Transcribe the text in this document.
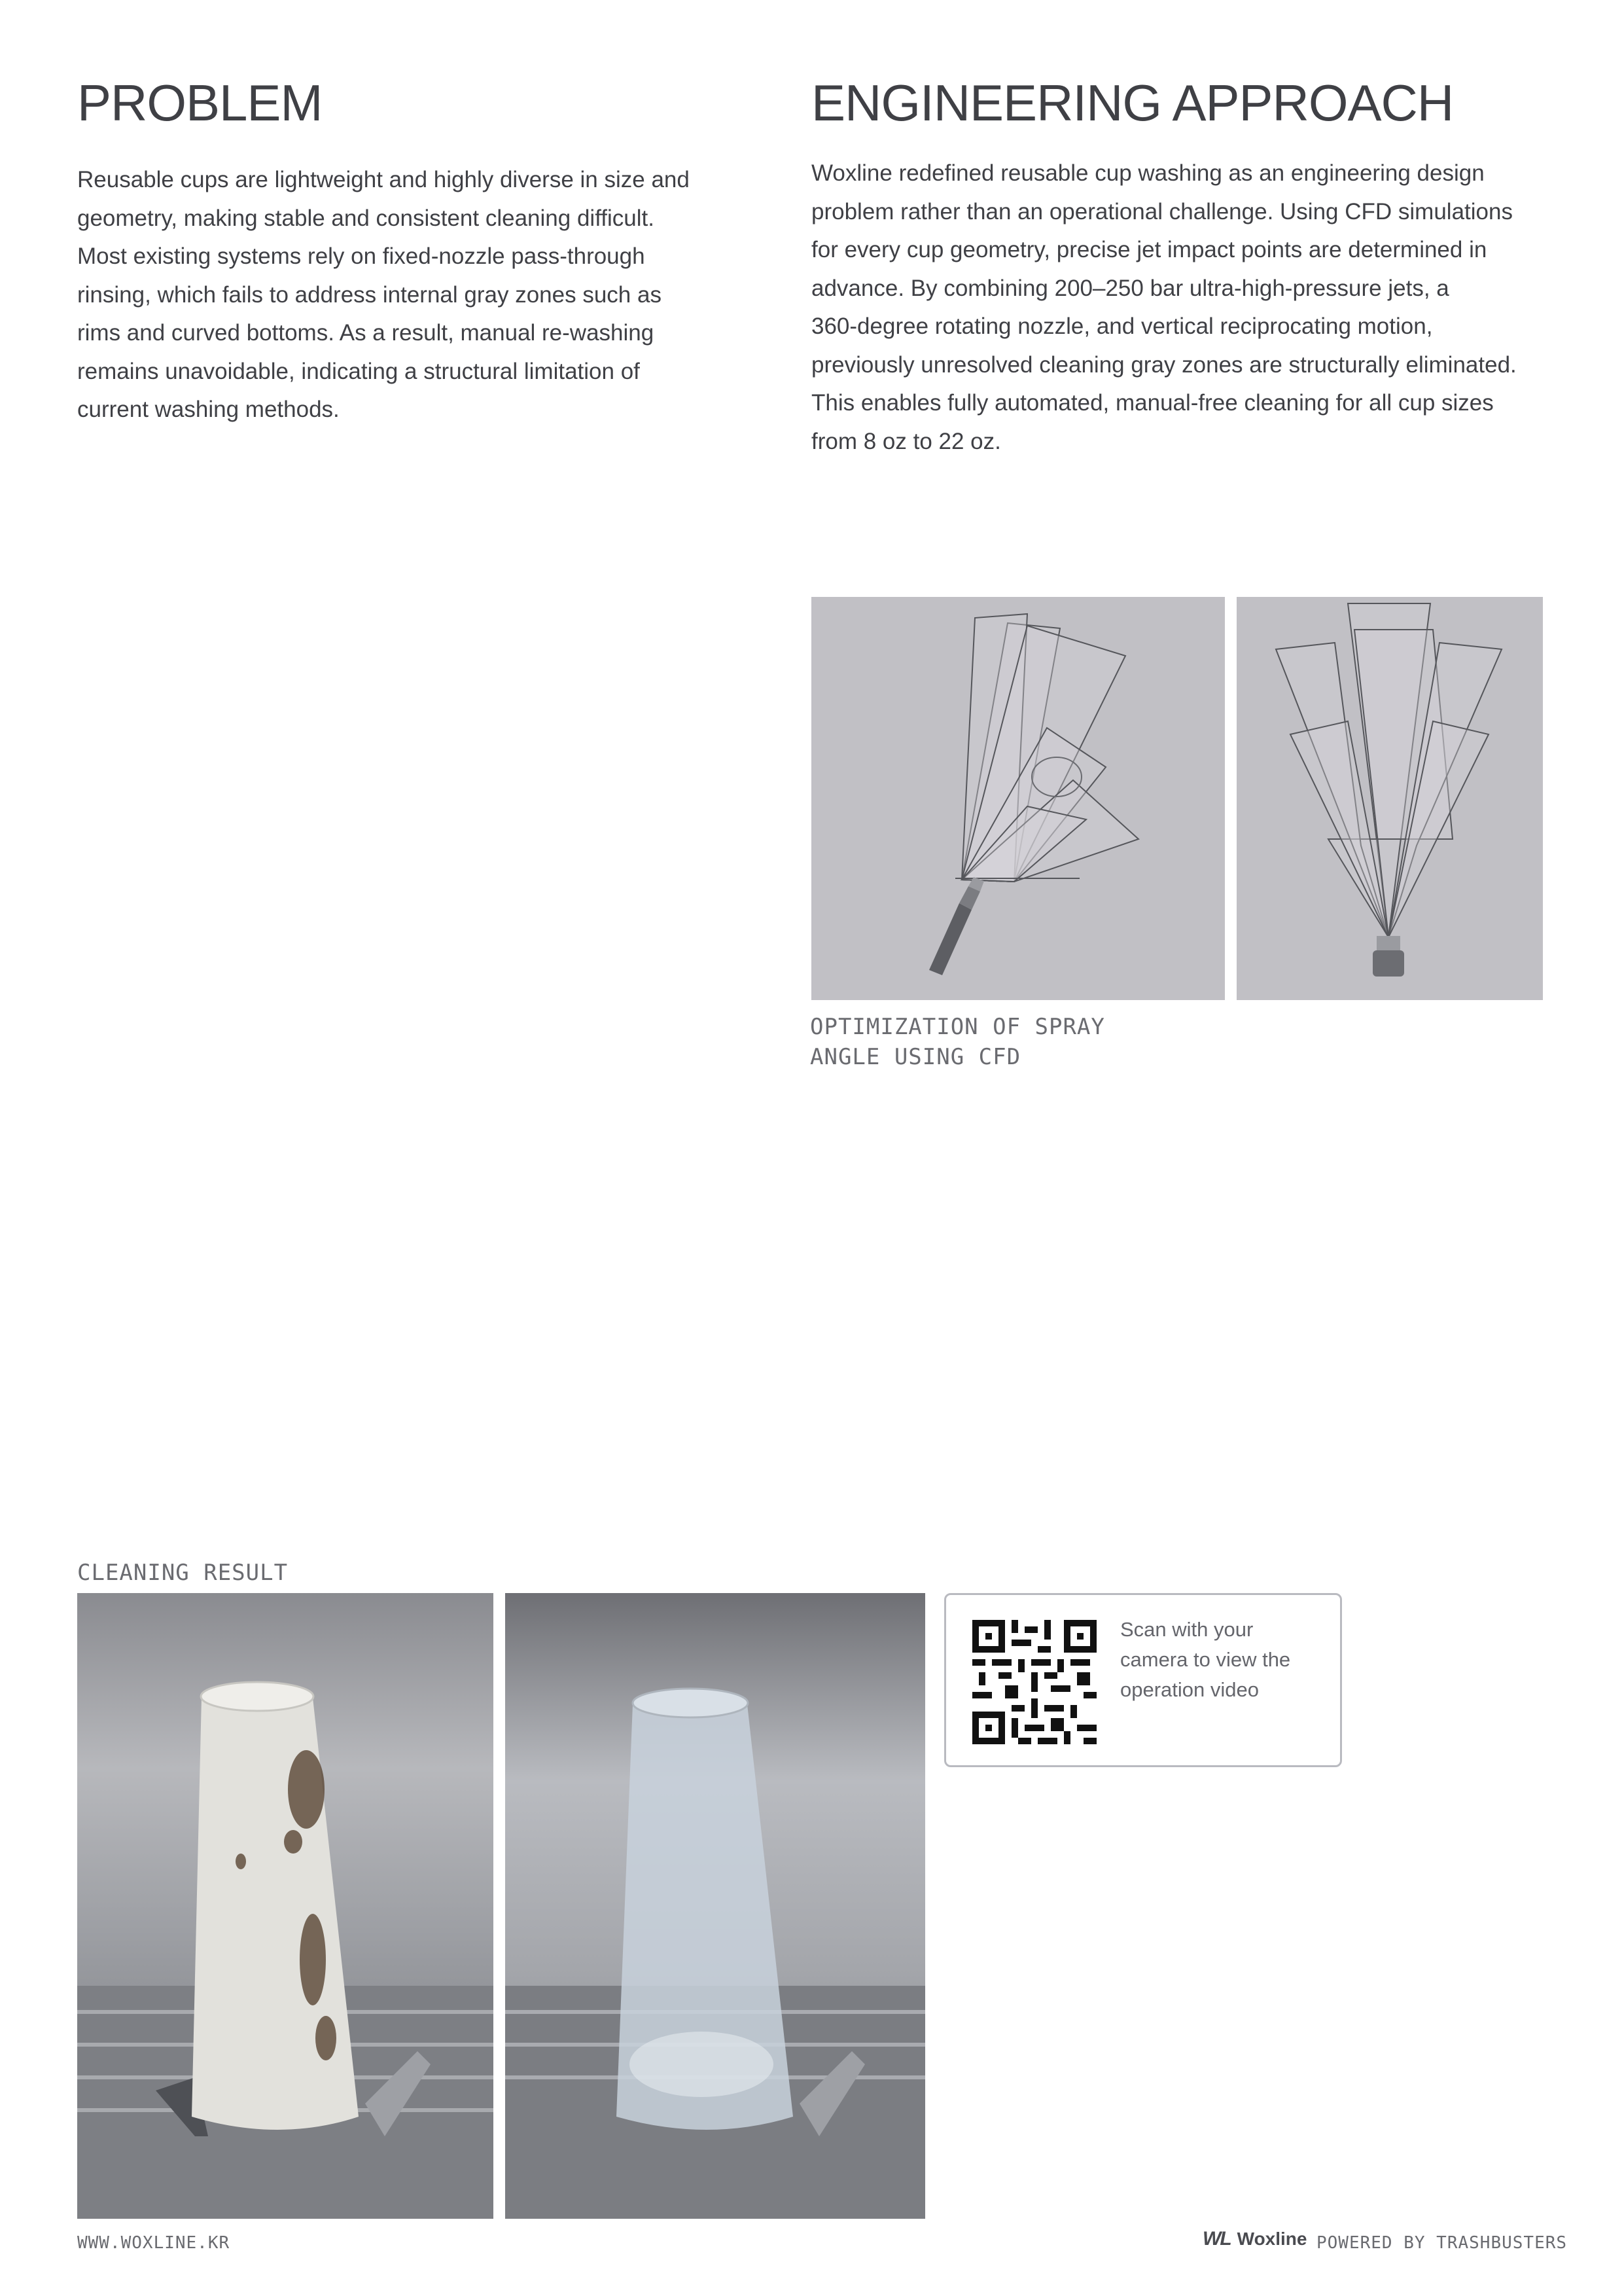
PROBLEM
Reusable cups are lightweight and highly diverse in size and
geometry, making stable and consistent cleaning difficult.
Most existing systems rely on fixed-nozzle pass-through
rinsing, which fails to address internal gray zones such as
rims and curved bottoms. As a result, manual re-washing
remains unavoidable, indicating a structural limitation of
current washing methods.
ENGINEERING APPROACH
Woxline redefined reusable cup washing as an engineering design
problem rather than an operational challenge. Using CFD simulations
for every cup geometry, precise jet impact points are determined in
advance. By combining 200–250 bar ultra-high-pressure jets, a
360-degree rotating nozzle, and vertical reciprocating motion,
previously unresolved cleaning gray zones are structurally eliminated.
This enables fully automated, manual-free cleaning for all cup sizes
from 8 oz to 22 oz.
OPTIMIZATION OF SPRAY
ANGLE USING CFD
CLEANING RESULT
Scan with your
camera to view the
operation video
WWW.WOXLINE.KR	WL Woxline POWERED BY TRASHBUSTERS
